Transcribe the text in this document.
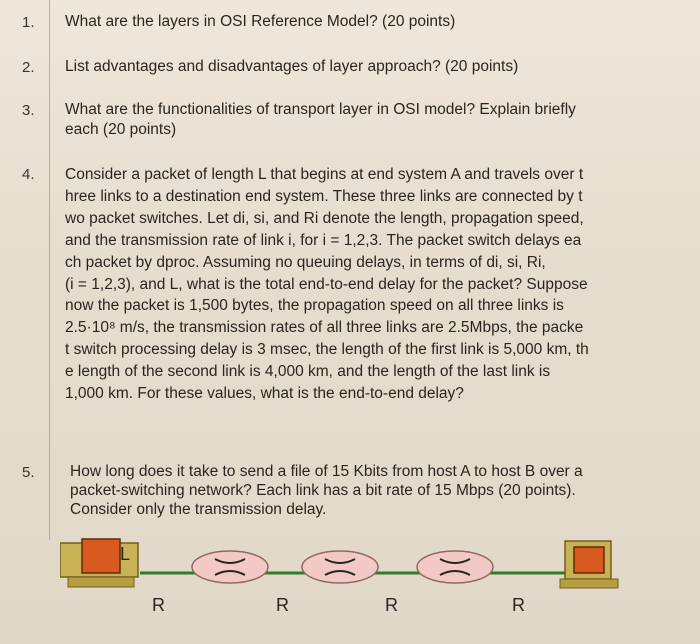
1. What are the layers in OSI Reference Model? (20 points)
2. List advantages and disadvantages of layer approach? (20 points)
3. What are the functionalities of transport layer in OSI model? Explain briefly
each (20 points)
4. Consider a packet of length L that begins at end system A and travels over t
hree links to a destination end system. These three links are connected by t
wo packet switches. Let di, si, and Ri denote the length, propagation speed,
and the transmission rate of link i, for i = 1,2,3. The packet switch delays ea
ch packet by dproc. Assuming no queuing delays, in terms of di, si, Ri,
(i = 1,2,3), and L, what is the total end-to-end delay for the packet? Suppose
now the packet is 1,500 bytes, the propagation speed on all three links is
2.5·10⁸ m/s, the transmission rates of all three links are 2.5Mbps, the packe
t switch processing delay is 3 msec, the length of the first link is 5,000 km, th
e length of the second link is 4,000 km, and the length of the last link is
1,000 km. For these values, what is the end-to-end delay?
5. How long does it take to send a file of 15 Kbits from host A to host B over a
packet-switching network? Each link has a bit rate of 15 Mbps (20 points).
Consider only the transmission delay.
L
R	R	R	R
